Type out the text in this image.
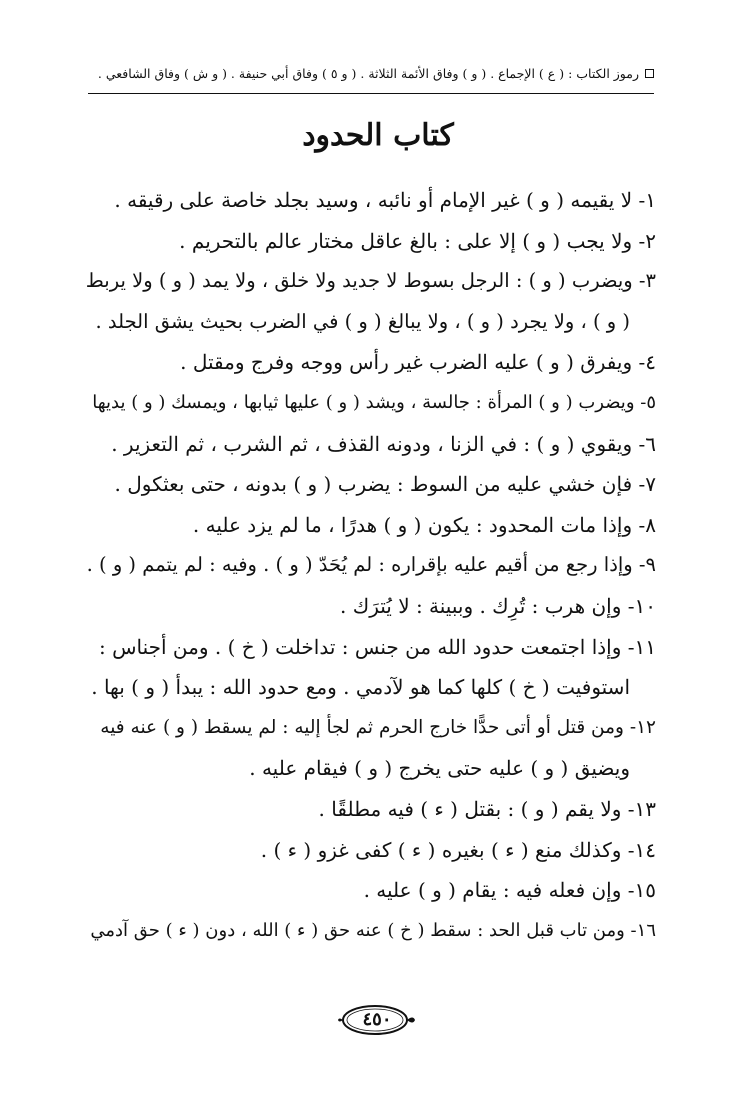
رموز الكتاب : ( ع ) الإجماع . ( و ) وفاق الأئمة الثلاثة . ( و ٥ ) وفاق أبي حنيفة . ( و ش ) وفاق الشافعي .
كتاب الحدود
١- لا يقيمه ( و ) غير الإمام أو نائبه ، وسيد بجلد خاصة على رقيقه .
٢- ولا يجب ( و ) إلا على : بالغ عاقل مختار عالم بالتحريم .
٣- ويضرب ( و ) : الرجل بسوط لا جديد ولا خلق ، ولا يمد ( و ) ولا يربط
( و ) ، ولا يجرد ( و ) ، ولا يبالغ ( و ) في الضرب بحيث يشق الجلد .
٤- ويفرق ( و ) عليه الضرب غير رأس ووجه وفرج ومقتل .
٥- ويضرب ( و ) المرأة : جالسة ، ويشد ( و ) عليها ثيابها ، ويمسك ( و ) يديها
٦- ويقوي ( و ) : في الزنا ، ودونه القذف ، ثم الشرب ، ثم التعزير .
٧- فإن خشي عليه من السوط : يضرب ( و ) بدونه ، حتى بعثكول .
٨- وإذا مات المحدود : يكون ( و ) هدرًا ، ما لم يزد عليه .
٩- وإذا رجع من أقيم عليه بإقراره : لم يُحَدّ ( و ) . وفيه : لم يتمم ( و ) .
١٠- وإن هرب : تُرِك . وببينة : لا يُترَك .
١١- وإذا اجتمعت حدود الله من جنس : تداخلت ( خ ) . ومن أجناس :
استوفيت ( خ ) كلها كما هو لآدمي . ومع حدود الله : يبدأ ( و ) بها .
١٢- ومن قتل أو أتى حدًّا خارج الحرم ثم لجأ إليه : لم يسقط ( و ) عنه فيه
ويضيق ( و ) عليه حتى يخرج ( و ) فيقام عليه .
١٣- ولا يقم ( و ) : بقتل ( ء ) فيه مطلقًا .
١٤- وكذلك منع ( ء ) بغيره ( ء ) كفى غزو ( ء ) .
١٥- وإن فعله فيه : يقام ( و ) عليه .
١٦- ومن تاب قبل الحد : سقط ( خ ) عنه حق ( ء ) الله ، دون ( ء ) حق آدمي
٤٥٠
